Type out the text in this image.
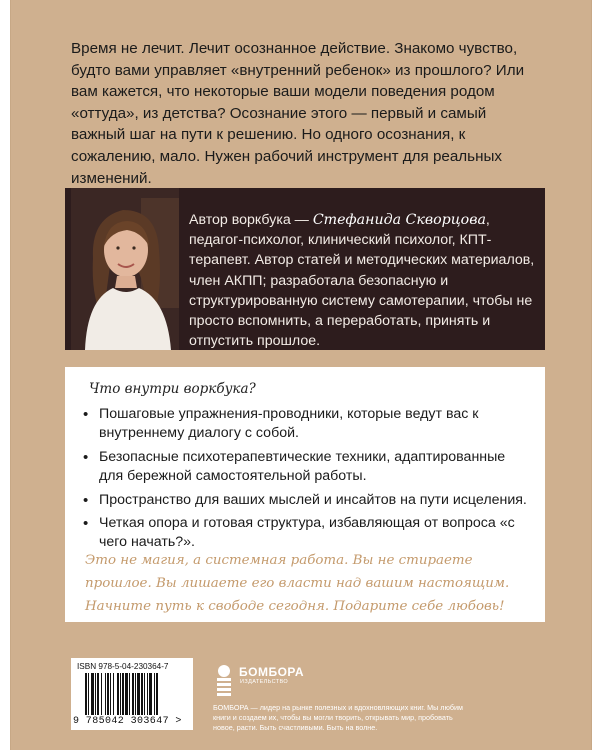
Время не лечит. Лечит осознанное действие. Знакомо чувство, будто вами управляет «внутренний ребенок» из прошлого? Или вам кажется, что некоторые ваши модели поведения родом «оттуда», из детства? Осознание этого — первый и самый важный шаг на пути к решению. Но одного осознания, к сожалению, мало. Нужен рабочий инструмент для реальных изменений.

Автор воркбука — Стефанида Скворцова, педагог-психолог, клинический психолог, КПТ-терапевт. Автор статей и методических материалов, член АКПП; разработала безопасную и структурированную систему самотерапии, чтобы не просто вспомнить, а переработать, принять и отпустить прошлое.

Что внутри воркбука?
• Пошаговые упражнения-проводники, которые ведут вас к внутреннему диалогу с собой.
• Безопасные психотерапевтические техники, адаптированные для бережной самостоятельной работы.
• Пространство для ваших мыслей и инсайтов на пути исцеления.
• Четкая опора и готовая структура, избавляющая от вопроса «с чего начать?».

Это не магия, а системная работа. Вы не стираете прошлое. Вы лишаете его власти над вашим настоящим. Начните путь к свободе сегодня. Подарите себе любовь!

ISBN 978-5-04-230364-7
9 785042 303647 >
БОМБОРА
ИЗДАТЕЛЬСТВО

БОМБОРА — лидер на рынке полезных и вдохновляющих книг. Мы любим книги и создаем их, чтобы вы могли творить, открывать мир, пробовать новое, расти. Быть счастливыми. Быть на волне.
